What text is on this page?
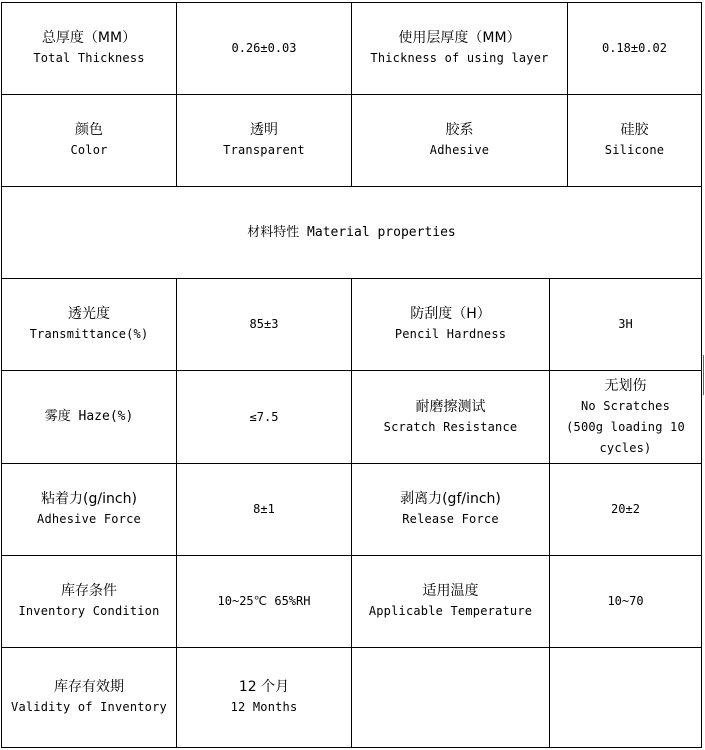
总厚度（MM）
Total Thickness
0.26±0.03
使用层厚度（MM）
Thickness of using layer
0.18±0.02
颜色
Color
透明
Transparent
胶系
Adhesive
硅胶
Silicone
材料特性 Material properties
透光度
Transmittance(%)
85±3
防刮度（H）
Pencil Hardness
3H
雾度 Haze(%)	≤7.5
耐磨擦测试
Scratch Resistance
无划伤
No Scratches
(500g loading 10
cycles)
粘着力(g/inch)
Adhesive Force
8±1
剥离力(gf/inch)
Release Force
20±2
库存条件
Inventory Condition
10~25℃ 65%RH
适用温度
Applicable Temperature
10~70
库存有效期
Validity of Inventory
12 个月
12 Months
